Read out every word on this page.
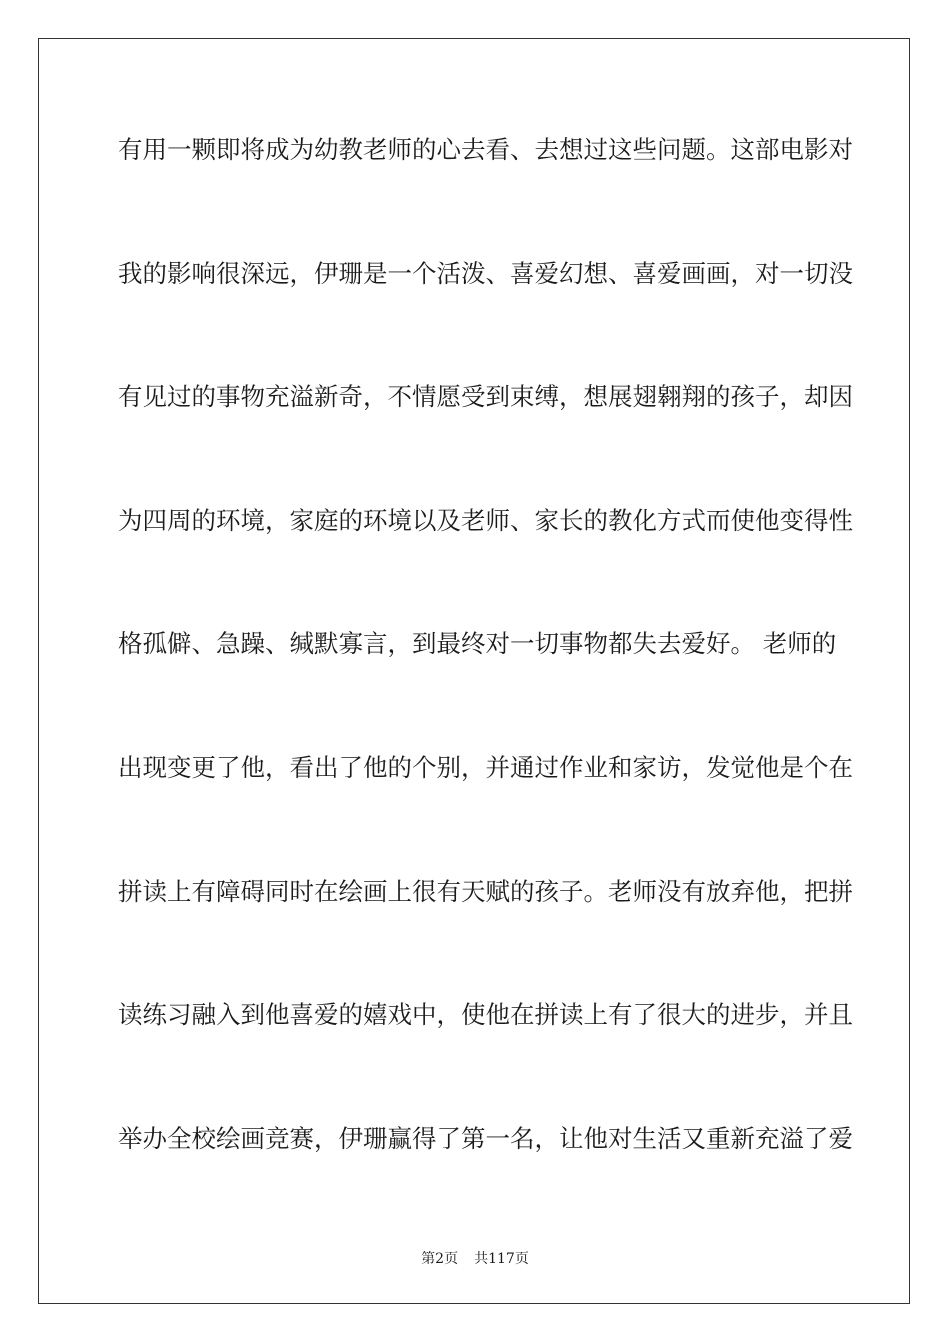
有用一颗即将成为幼教老师的心去看、去想过这些问题。这部电影对
我的影响很深远，伊珊是一个活泼、喜爱幻想、喜爱画画，对一切没
有见过的事物充溢新奇，不情愿受到束缚，想展翅翱翔的孩子，却因
为四周的环境，家庭的环境以及老师、家长的教化方式而使他变得性
格孤僻、急躁、缄默寡言，到最终对一切事物都失去爱好。 老师的
出现变更了他，看出了他的个别，并通过作业和家访，发觉他是个在
拼读上有障碍同时在绘画上很有天赋的孩子。老师没有放弃他，把拼
读练习融入到他喜爱的嬉戏中，使他在拼读上有了很大的进步，并且
举办全校绘画竞赛，伊珊赢得了第一名，让他对生活又重新充溢了爱
第2页 共117页
